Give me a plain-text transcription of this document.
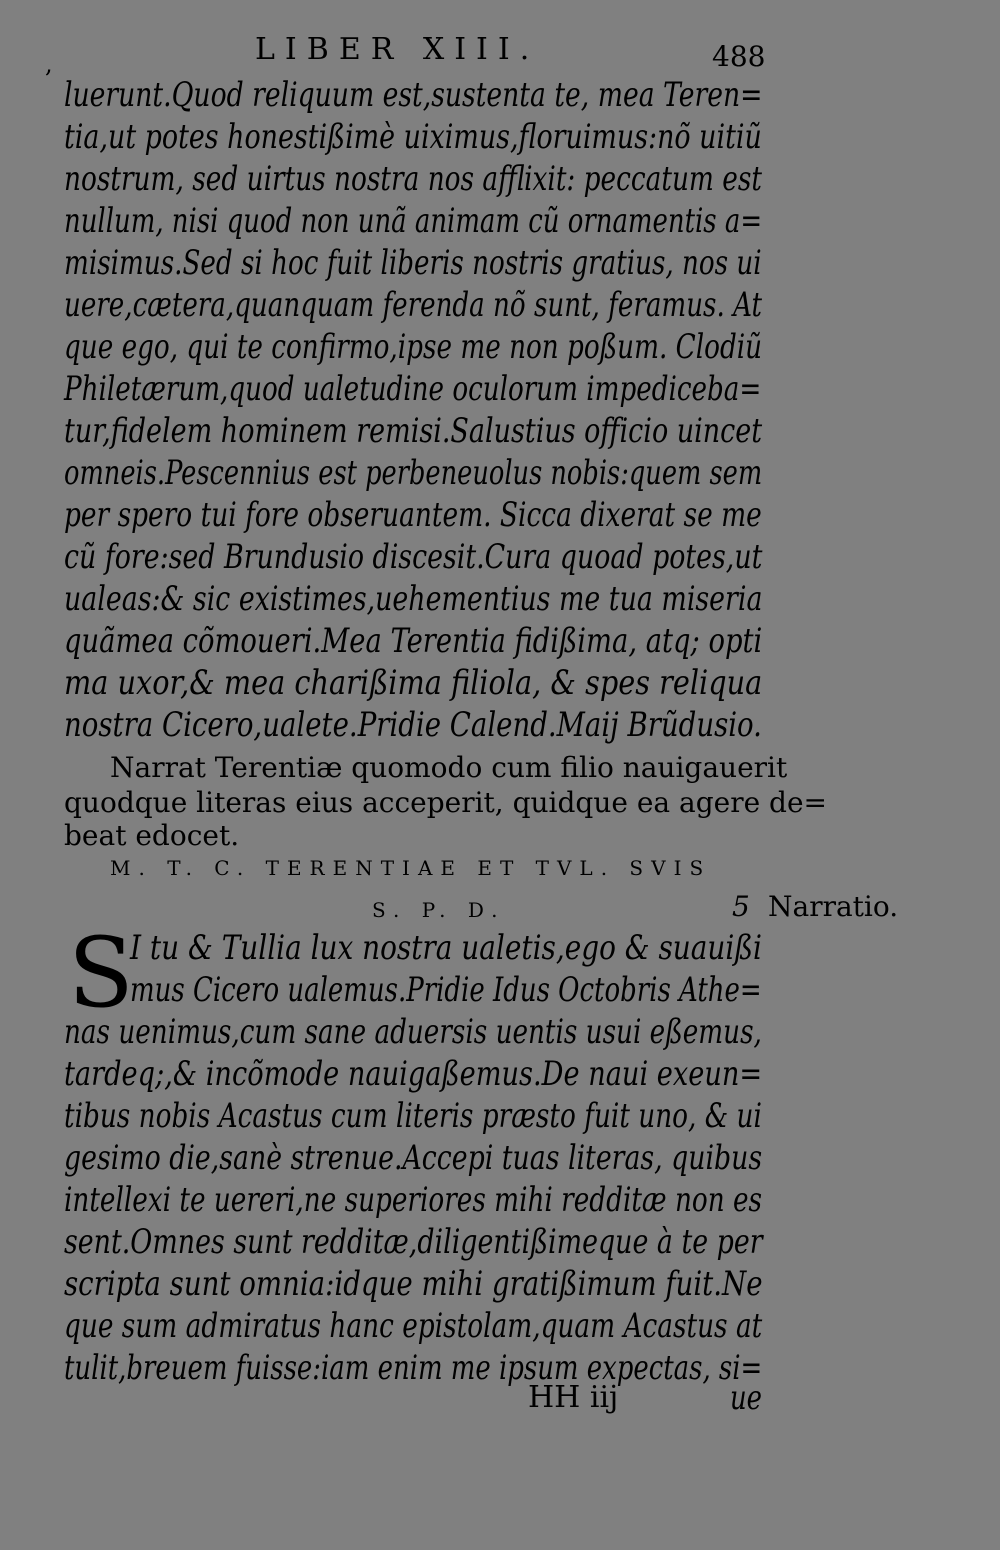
,	LIBER XIII.	488
luerunt.Quod reliquum est,sustenta te, mea Teren=
tia,ut potes honestißimè uiximus,floruimus:nõ uitiũ
nostrum, sed uirtus nostra nos afflixit: peccatum est
nullum, nisi quod non unã animam cũ ornamentis a=
misimus.Sed si hoc fuit liberis nostris gratius, nos ui
uere,cætera,quanquam ferenda nõ sunt, feramus. At
que ego, qui te confirmo,ipse me non poßum. Clodiũ
Philetærum,quod ualetudine oculorum impediceba=
tur,fidelem hominem remisi.Salustius officio uincet
omneis.Pescennius est perbeneuolus nobis:quem sem
per spero tui fore obseruantem. Sicca dixerat se me
cũ fore:sed Brundusio discesit.Cura quoad potes,ut
ualeas:& sic existimes,uehementius me tua miseria
quãmea cõmoueri.Mea Terentia fidißima, atq; opti
ma uxor,& mea charißima filiola, & spes reliqua
nostra Cicero,ualete.Pridie Calend.Maij Brũdusio.
Narrat Terentiæ quomodo cum filio nauigauerit
quodque literas eius acceperit, quidque ea agere de=
beat edocet.
M. T. C. TERENTIAE ET TVL. SVIS
S. P. D.	5 Narratio.
S
I tu & Tullia lux nostra ualetis,ego & suauißi
mus Cicero ualemus.Pridie Idus Octobris Athe=
nas uenimus,cum sane aduersis uentis usui eßemus,
tardeq;,& incõmode nauigaßemus.De naui exeun=
tibus nobis Acastus cum literis præsto fuit uno, & ui
gesimo die,sanè strenue.Accepi tuas literas, quibus
intellexi te uereri,ne superiores mihi redditæ non es
sent.Omnes sunt redditæ,diligentißimeque à te per
scripta sunt omnia:idque mihi gratißimum fuit.Ne
que sum admiratus hanc epistolam,quam Acastus at
tulit,breuem fuisse:iam enim me ipsum expectas, si=
HH iij	ue
